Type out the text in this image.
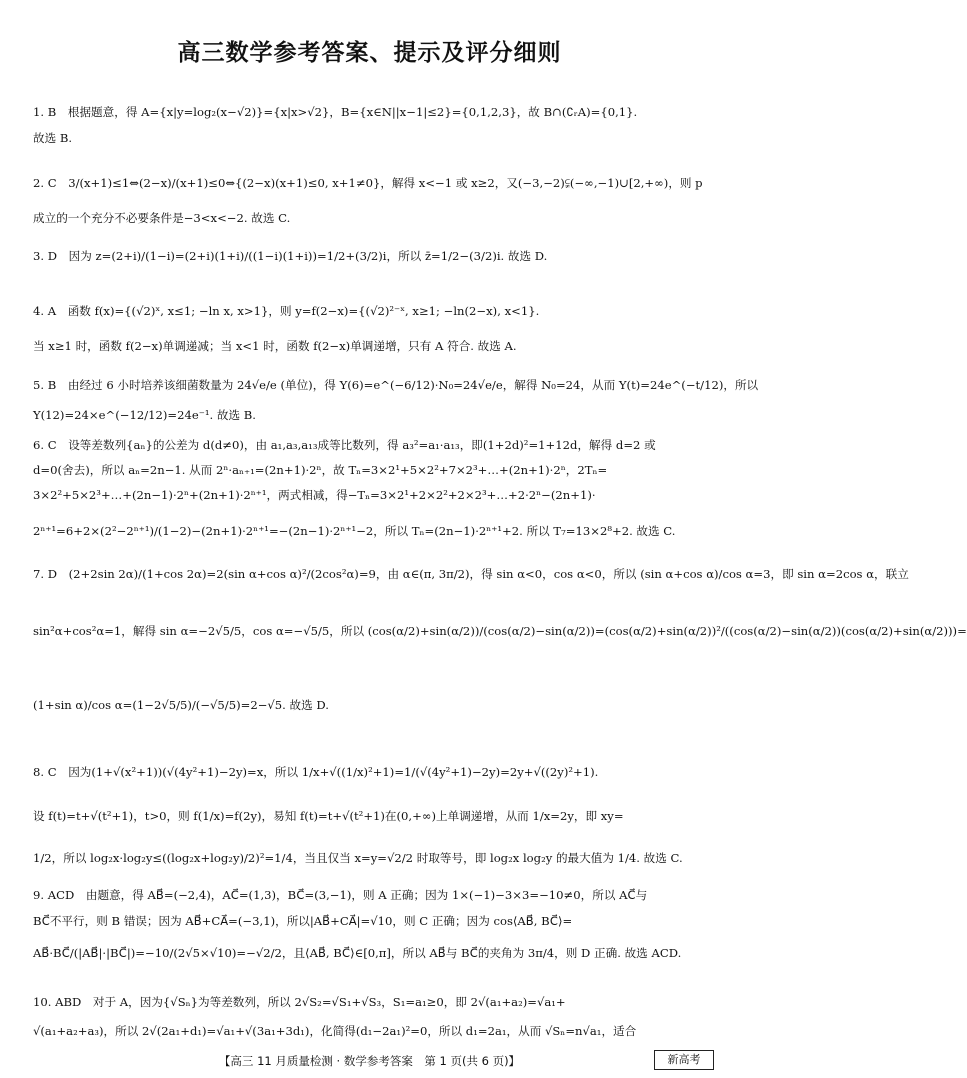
高三数学参考答案、提示及评分细则
1. B　根据题意，得 A={x|y=log₂(x−√2)}={x|x>√2}，B={x∈N||x−1|≤2}={0,1,2,3}，故 B∩(∁ᵣA)={0,1}.
故选 B.
2. C　3/(x+1)≤1⇔(2−x)/(x+1)≤0⇔{(2−x)(x+1)≤0, x+1≠0}，解得 x<−1 或 x≥2，又(−3,−2)⫋(−∞,−1)∪[2,+∞)，则 p
成立的一个充分不必要条件是−3<x<−2. 故选 C.
3. D　因为 z=(2+i)/(1−i)=(2+i)(1+i)/((1−i)(1+i))=1/2+(3/2)i，所以 z̄=1/2−(3/2)i. 故选 D.
4. A　函数 f(x)={(√2)ˣ, x≤1; −ln x, x>1}，则 y=f(2−x)={(√2)²⁻ˣ, x≥1; −ln(2−x), x<1}.
当 x≥1 时，函数 f(2−x)单调递减；当 x<1 时，函数 f(2−x)单调递增，只有 A 符合. 故选 A.
5. B　由经过 6 小时培养该细菌数量为 24√e/e (单位)，得 Y(6)=e^(−6/12)·N₀=24√e/e，解得 N₀=24，从而 Y(t)=24e^(−t/12)，所以
Y(12)=24×e^(−12/12)=24e⁻¹. 故选 B.
6. C　设等差数列{aₙ}的公差为 d(d≠0)，由 a₁,a₃,a₁₃成等比数列，得 a₃²=a₁·a₁₃，即(1+2d)²=1+12d，解得 d=2 或
d=0(舍去)，所以 aₙ=2n−1. 从而 2ⁿ·aₙ₊₁=(2n+1)·2ⁿ，故 Tₙ=3×2¹+5×2²+7×2³+…+(2n+1)·2ⁿ，2Tₙ=
3×2²+5×2³+…+(2n−1)·2ⁿ+(2n+1)·2ⁿ⁺¹，两式相减，得−Tₙ=3×2¹+2×2²+2×2³+…+2·2ⁿ−(2n+1)·
2ⁿ⁺¹=6+2×(2²−2ⁿ⁺¹)/(1−2)−(2n+1)·2ⁿ⁺¹=−(2n−1)·2ⁿ⁺¹−2，所以 Tₙ=(2n−1)·2ⁿ⁺¹+2. 所以 T₇=13×2⁸+2. 故选 C.
7. D　(2+2sin 2α)/(1+cos 2α)=2(sin α+cos α)²/(2cos²α)=9，由 α∈(π, 3π/2)，得 sin α<0，cos α<0，所以 (sin α+cos α)/cos α=3，即 sin α=2cos α，联立
sin²α+cos²α=1，解得 sin α=−2√5/5，cos α=−√5/5，所以 (cos(α/2)+sin(α/2))/(cos(α/2)−sin(α/2))=(cos(α/2)+sin(α/2))²/((cos(α/2)−sin(α/2))(cos(α/2)+sin(α/2)))=
(1+sin α)/cos α=(1−2√5/5)/(−√5/5)=2−√5. 故选 D.
8. C　因为(1+√(x²+1))(√(4y²+1)−2y)=x，所以 1/x+√((1/x)²+1)=1/(√(4y²+1)−2y)=2y+√((2y)²+1).
设 f(t)=t+√(t²+1)，t>0，则 f(1/x)=f(2y)，易知 f(t)=t+√(t²+1)在(0,+∞)上单调递增，从而 1/x=2y，即 xy=
1/2，所以 log₂x·log₂y≤((log₂x+log₂y)/2)²=1/4，当且仅当 x=y=√2/2 时取等号，即 log₂x log₂y 的最大值为 1/4. 故选 C.
9. ACD　由题意，得 AB⃗=(−2,4)，AC⃗=(1,3)，BC⃗=(3,−1)，则 A 正确；因为 1×(−1)−3×3=−10≠0，所以 AC⃗与
BC⃗不平行，则 B 错误；因为 AB⃗+CA⃗=(−3,1)，所以|AB⃗+CA⃗|=√10，则 C 正确；因为 cos⟨AB⃗, BC⃗⟩=
AB⃗·BC⃗/(|AB⃗|·|BC⃗|)=−10/(2√5×√10)=−√2/2，且⟨AB⃗, BC⃗⟩∈[0,π]，所以 AB⃗与 BC⃗的夹角为 3π/4，则 D 正确. 故选 ACD.
10. ABD　对于 A，因为{√Sₙ}为等差数列，所以 2√S₂=√S₁+√S₃，S₁=a₁≥0，即 2√(a₁+a₂)=√a₁+
√(a₁+a₂+a₃)，所以 2√(2a₁+d₁)=√a₁+√(3a₁+3d₁)，化简得(d₁−2a₁)²=0，所以 d₁=2a₁，从而 √Sₙ=n√a₁，适合
【高三 11 月质量检测 · 数学参考答案　第 1 页(共 6 页)】	新高考
